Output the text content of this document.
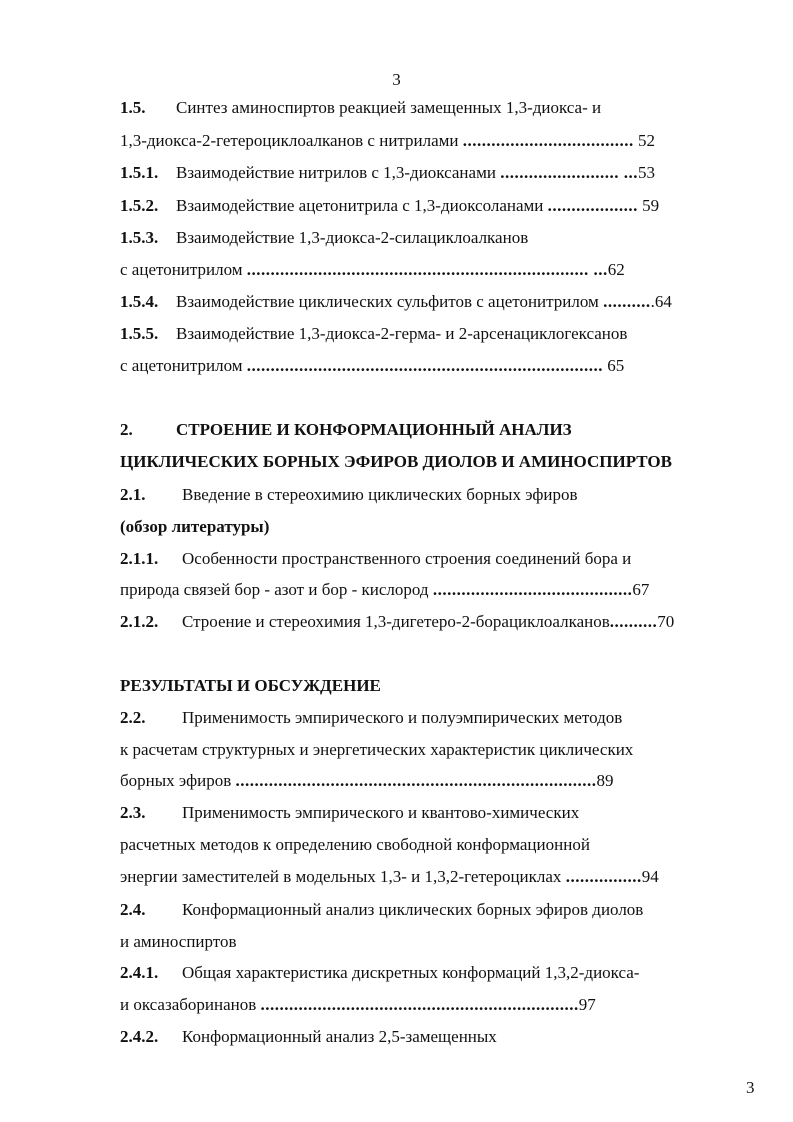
3
1.5. Синтез аминоспиртов реакцией замещенных 1,3-диокса- и
1,3-диокса-2-гетероциклоалканов с нитрилами .................................... 52
1.5.1. Взаимодействие нитрилов с 1,3-диоксанами ......................... ...53
1.5.2. Взаимодействие ацетонитрила с 1,3-диоксоланами ................... 59
1.5.3. Взаимодействие 1,3-диокса-2-силациклоалканов
с ацетонитрилом ........................................................................ ...62
1.5.4. Взаимодействие циклических сульфитов с ацетонитрилом ...........64
1.5.5. Взаимодействие 1,3-диокса-2-герма- и 2-арсенациклогексанов
с ацетонитрилом ........................................................................... 65
2.	СТРОЕНИЕ И КОНФОРМАЦИОННЫЙ АНАЛИЗ
ЦИКЛИЧЕСКИХ БОРНЫХ ЭФИРОВ ДИОЛОВ И АМИНОСПИРТОВ
2.1. Введение в стереохимию циклических борных эфиров
(обзор литературы)
2.1.1. Особенности пространственного строения соединений бора и
природа связей бор - азот и бор - кислород ..........................................67
2.1.2. Строение и стереохимия 1,3-дигетеро-2-борациклоалканов..........70
РЕЗУЛЬТАТЫ И ОБСУЖДЕНИЕ
2.2. Применимость эмпирического и полуэмпирических методов
к расчетам структурных и энергетических характеристик циклических
борных эфиров ............................................................................89
2.3. Применимость эмпирического и квантово-химических
расчетных методов к определению свободной конформационной
энергии заместителей в модельных 1,3- и 1,3,2-гетероциклах ................94
2.4. Конформационный анализ циклических борных эфиров диолов
и аминоспиртов
2.4.1. Общая характеристика дискретных конформаций 1,3,2-диокса-
и оксазаборинанов ...................................................................97
2.4.2. Конформационный анализ 2,5-замещенных
3
